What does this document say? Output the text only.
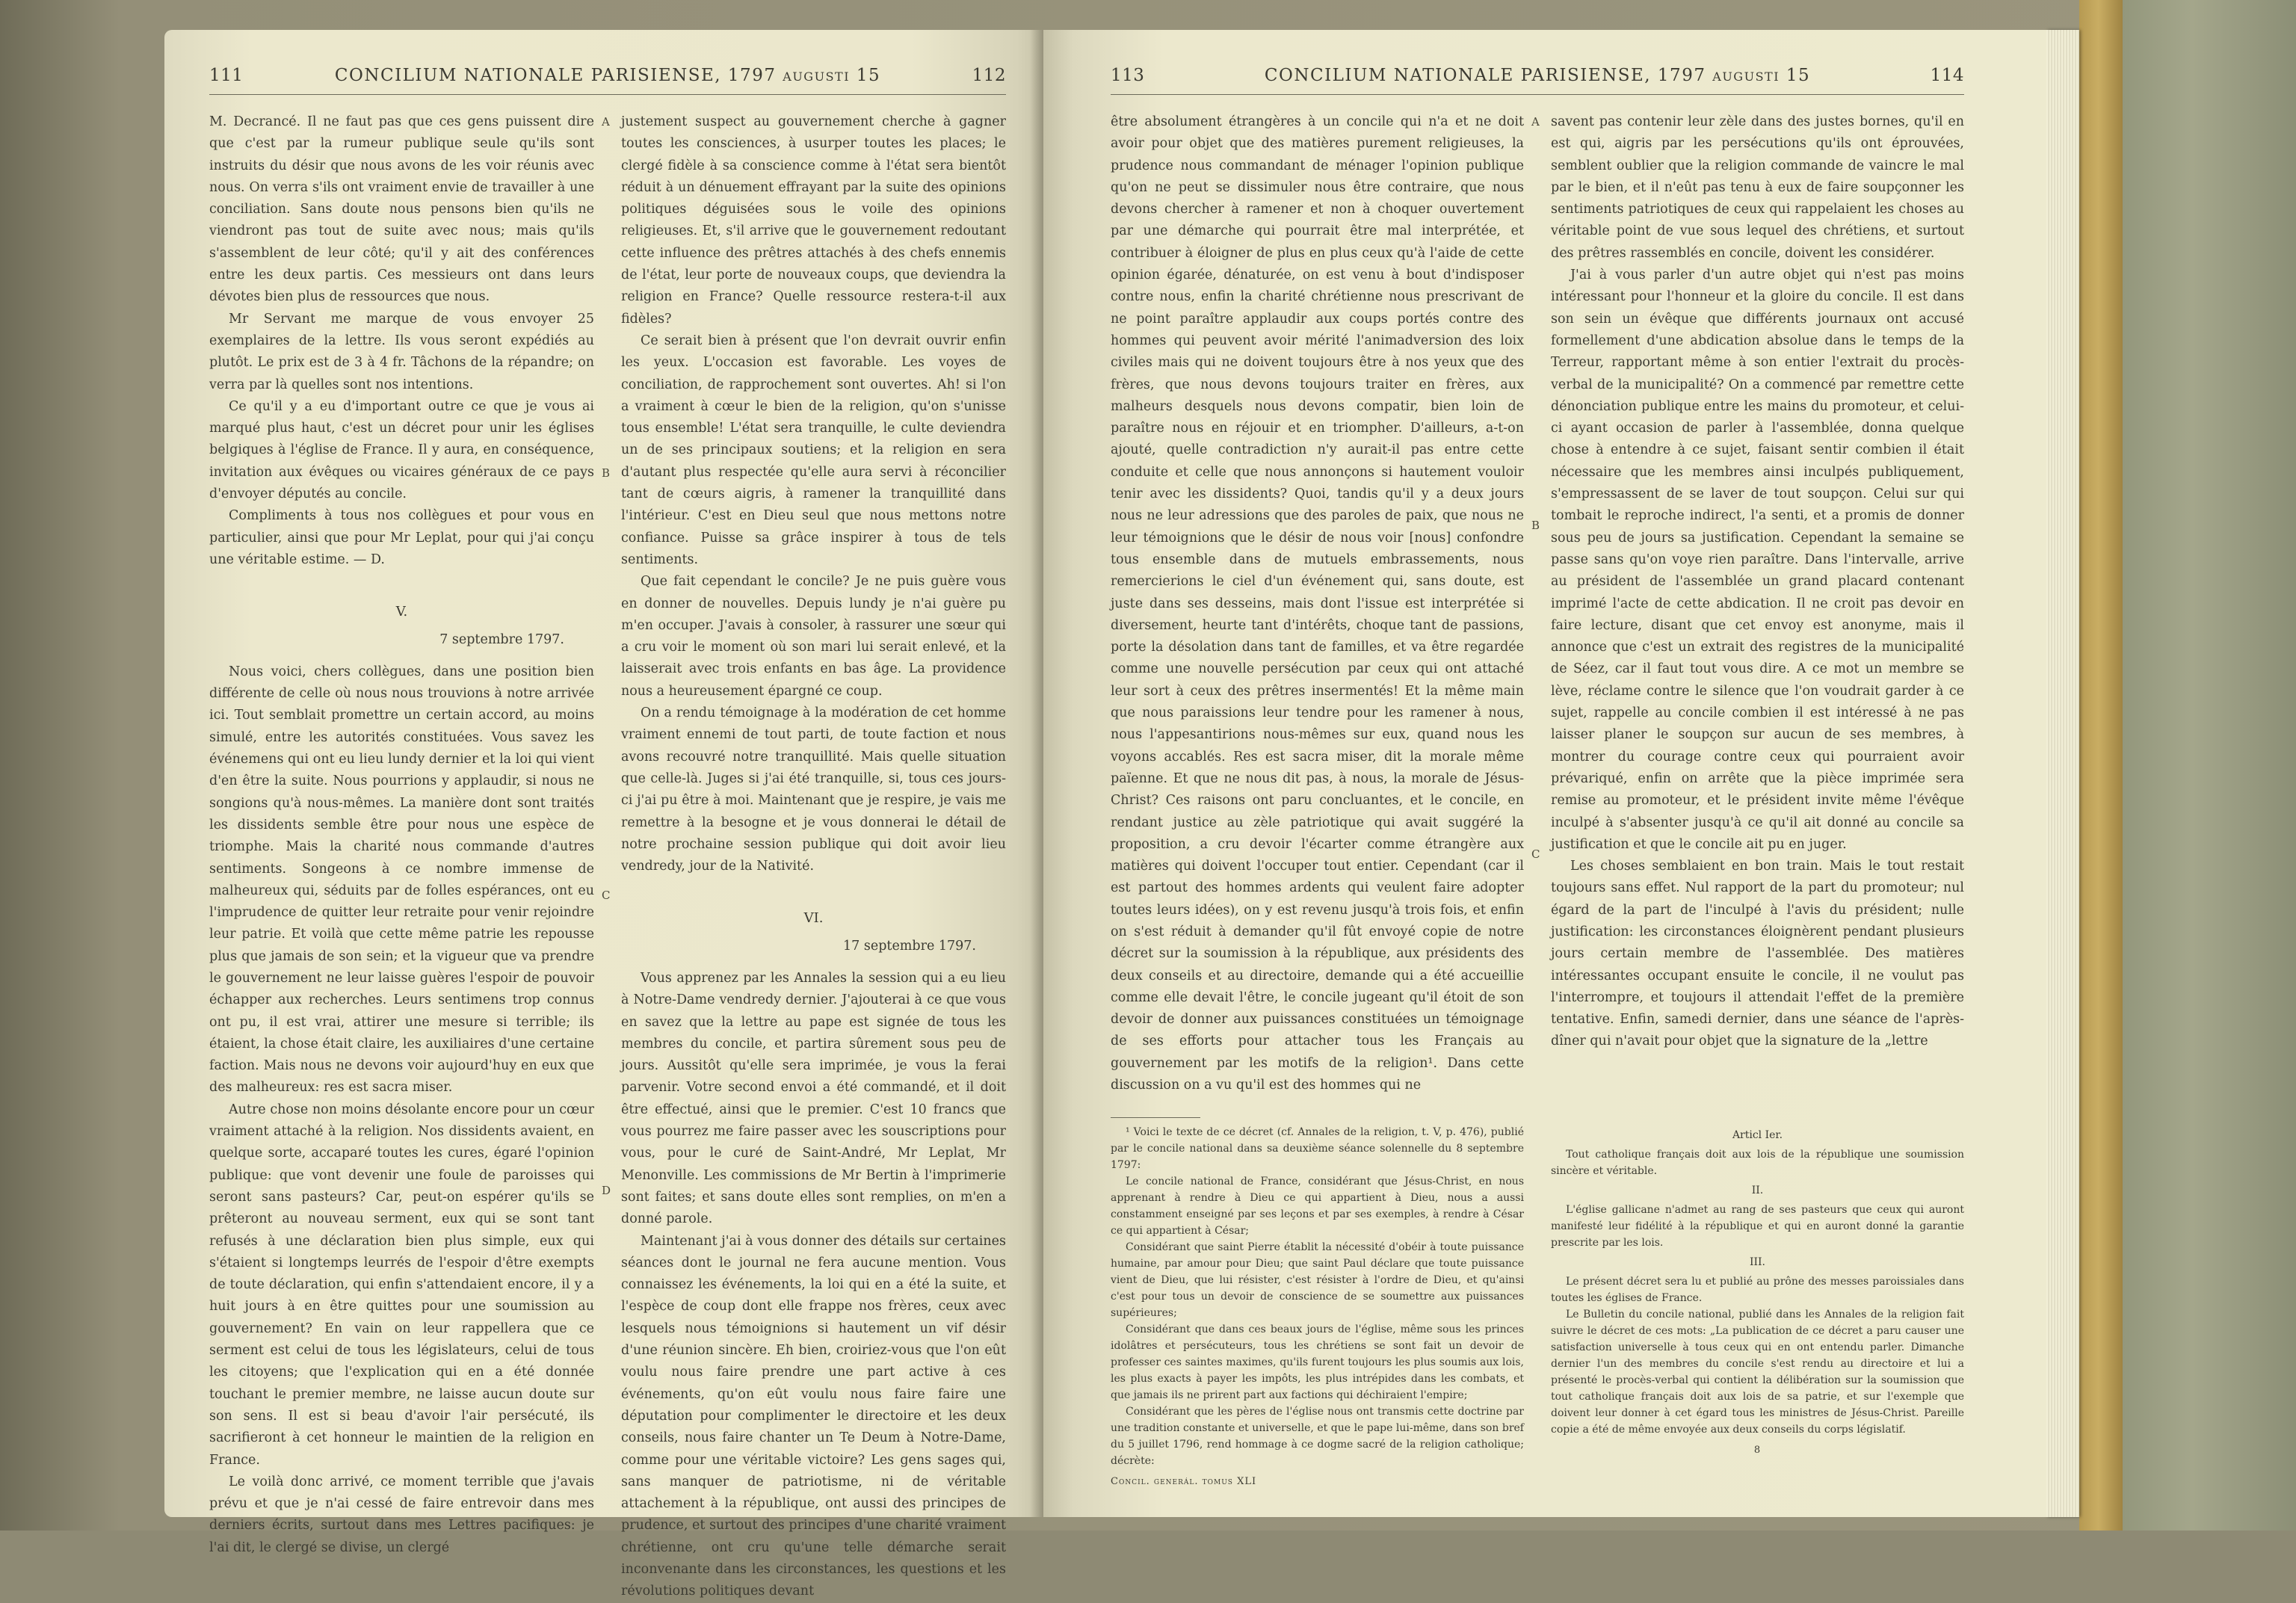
111	CONCILIUM NATIONALE PARISIENSE, 1797 augusti 15	112

M. Decrancé. Il ne faut pas que ces gens puissent dire que c'est par la rumeur publique seule qu'ils sont instruits du désir que nous avons de les voir réunis avec nous. On verra s'ils ont vraiment envie de travailler à une conciliation. Sans doute nous pensons bien qu'ils ne viendront pas tout de suite avec nous; mais qu'ils s'assemblent de leur côté; qu'il y ait des conférences entre les deux partis. Ces messieurs ont dans leurs dévotes bien plus de ressources que nous.

Mr Servant me marque de vous envoyer 25 exemplaires de la lettre. Ils vous seront expédiés au plutôt. Le prix est de 3 à 4 fr. Tâchons de la répandre; on verra par là quelles sont nos intentions.

Ce qu'il y a eu d'important outre ce que je vous ai marqué plus haut, c'est un décret pour unir les églises belgiques à l'église de France. Il y aura, en conséquence, invitation aux évêques ou vicaires généraux de ce pays d'envoyer députés au concile.

Compliments à tous nos collègues et pour vous en particulier, ainsi que pour Mr Leplat, pour qui j'ai conçu une véritable estime. — D.

V.
7 septembre 1797.

Nous voici, chers collègues, dans une position bien différente de celle où nous nous trouvions à notre arrivée ici. Tout semblait promettre un certain accord, au moins simulé, entre les autorités constituées. Vous savez les événemens qui ont eu lieu lundy dernier et la loi qui vient d'en être la suite. Nous pourrions y applaudir, si nous ne songions qu'à nous-mêmes. La manière dont sont traités les dissidents semble être pour nous une espèce de triomphe. Mais la charité nous commande d'autres sentiments. Songeons à ce nombre immense de malheureux qui, séduits par de folles espérances, ont eu l'imprudence de quitter leur retraite pour venir rejoindre leur patrie. Et voilà que cette même patrie les repousse plus que jamais de son sein; et la vigueur que va prendre le gouvernement ne leur laisse guères l'espoir de pouvoir échapper aux recherches. Leurs sentimens trop connus ont pu, il est vrai, attirer une mesure si terrible; ils étaient, la chose était claire, les auxiliaires d'une certaine faction. Mais nous ne devons voir aujourd'huy en eux que des malheureux: res est sacra miser.

Autre chose non moins désolante encore pour un cœur vraiment attaché à la religion. Nos dissidents avaient, en quelque sorte, accaparé toutes les cures, égaré l'opinion publique: que vont devenir une foule de paroisses qui seront sans pasteurs? Car, peut-on espérer qu'ils se prêteront au nouveau serment, eux qui se sont tant refusés à une déclaration bien plus simple, eux qui s'étaient si longtemps leurrés de l'espoir d'être exempts de toute déclaration, qui enfin s'attendaient encore, il y a huit jours à en être quittes pour une soumission au gouvernement? En vain on leur rappellera que ce serment est celui de tous les législateurs, celui de tous les citoyens; que l'explication qui en a été donnée touchant le premier membre, ne laisse aucun doute sur son sens. Il est si beau d'avoir l'air persécuté, ils sacrifieront à cet honneur le maintien de la religion en France.

Le voilà donc arrivé, ce moment terrible que j'avais prévu et que je n'ai cessé de faire entrevoir dans mes derniers écrits, surtout dans mes Lettres pacifiques: je l'ai dit, le clergé se divise, un clergé

A
B
C
D

justement suspect au gouvernement cherche à gagner toutes les consciences, à usurper toutes les places; le clergé fidèle à sa conscience comme à l'état sera bientôt réduit à un dénuement effrayant par la suite des opinions politiques déguisées sous le voile des opinions religieuses. Et, s'il arrive que le gouvernement redoutant cette influence des prêtres attachés à des chefs ennemis de l'état, leur porte de nouveaux coups, que deviendra la religion en France? Quelle ressource restera-t-il aux fidèles?

Ce serait bien à présent que l'on devrait ouvrir enfin les yeux. L'occasion est favorable. Les voyes de conciliation, de rapprochement sont ouvertes. Ah! si l'on a vraiment à cœur le bien de la religion, qu'on s'unisse tous ensemble! L'état sera tranquille, le culte deviendra un de ses principaux soutiens; et la religion en sera d'autant plus respectée qu'elle aura servi à réconcilier tant de cœurs aigris, à ramener la tranquillité dans l'intérieur. C'est en Dieu seul que nous mettons notre confiance. Puisse sa grâce inspirer à tous de tels sentiments.

Que fait cependant le concile? Je ne puis guère vous en donner de nouvelles. Depuis lundy je n'ai guère pu m'en occuper. J'avais à consoler, à rassurer une sœur qui a cru voir le moment où son mari lui serait enlevé, et la laisserait avec trois enfants en bas âge. La providence nous a heureusement épargné ce coup.

On a rendu témoignage à la modération de cet homme vraiment ennemi de tout parti, de toute faction et nous avons recouvré notre tranquillité. Mais quelle situation que celle-là. Juges si j'ai été tranquille, si, tous ces jours-ci j'ai pu être à moi. Maintenant que je respire, je vais me remettre à la besogne et je vous donnerai le détail de notre prochaine session publique qui doit avoir lieu vendredy, jour de la Nativité.

VI.
17 septembre 1797.

Vous apprenez par les Annales la session qui a eu lieu à Notre-Dame vendredy dernier. J'ajouterai à ce que vous en savez que la lettre au pape est signée de tous les membres du concile, et partira sûrement sous peu de jours. Aussitôt qu'elle sera imprimée, je vous la ferai parvenir. Votre second envoi a été commandé, et il doit être effectué, ainsi que le premier. C'est 10 francs que vous pourrez me faire passer avec les souscriptions pour vous, pour le curé de Saint-André, Mr Leplat, Mr Menonville. Les commissions de Mr Bertin à l'imprimerie sont faites; et sans doute elles sont remplies, on m'en a donné parole.

Maintenant j'ai à vous donner des détails sur certaines séances dont le journal ne fera aucune mention. Vous connaissez les événements, la loi qui en a été la suite, et l'espèce de coup dont elle frappe nos frères, ceux avec lesquels nous témoignions si hautement un vif désir d'une réunion sincère. Eh bien, croiriez-vous que l'on eût voulu nous faire prendre une part active à ces événements, qu'on eût voulu nous faire faire une députation pour complimenter le directoire et les deux conseils, nous faire chanter un Te Deum à Notre-Dame, comme pour une véritable victoire? Les gens sages qui, sans manquer de patriotisme, ni de véritable attachement à la république, ont aussi des principes de prudence, et surtout des principes d'une charité vraiment chrétienne, ont cru qu'une telle démarche serait inconvenante dans les circonstances, les questions et les révolutions politiques devant

113	CONCILIUM NATIONALE PARISIENSE, 1797 augusti 15	114

être absolument étrangères à un concile qui n'a et ne doit avoir pour objet que des matières purement religieuses, la prudence nous commandant de ménager l'opinion publique qu'on ne peut se dissimuler nous être contraire, que nous devons chercher à ramener et non à choquer ouvertement par une démarche qui pourrait être mal interprétée, et contribuer à éloigner de plus en plus ceux qu'à l'aide de cette opinion égarée, dénaturée, on est venu à bout d'indisposer contre nous, enfin la charité chrétienne nous prescrivant de ne point paraître applaudir aux coups portés contre des hommes qui peuvent avoir mérité l'animadversion des loix civiles mais qui ne doivent toujours être à nos yeux que des frères, que nous devons toujours traiter en frères, aux malheurs desquels nous devons compatir, bien loin de paraître nous en réjouir et en triompher. D'ailleurs, a-t-on ajouté, quelle contradiction n'y aurait-il pas entre cette conduite et celle que nous annonçons si hautement vouloir tenir avec les dissidents? Quoi, tandis qu'il y a deux jours nous ne leur adressions que des paroles de paix, que nous ne leur témoignions que le désir de nous voir [nous] confondre tous ensemble dans de mutuels embrassements, nous remercierions le ciel d'un événement qui, sans doute, est juste dans ses desseins, mais dont l'issue est interprétée si diversement, heurte tant d'intérêts, choque tant de passions, porte la désolation dans tant de familles, et va être regardée comme une nouvelle persécution par ceux qui ont attaché leur sort à ceux des prêtres insermentés! Et la même main que nous paraissions leur tendre pour les ramener à nous, nous l'appesantirions nous-mêmes sur eux, quand nous les voyons accablés. Res est sacra miser, dit la morale même païenne. Et que ne nous dit pas, à nous, la morale de Jésus-Christ? Ces raisons ont paru concluantes, et le concile, en rendant justice au zèle patriotique qui avait suggéré la proposition, a cru devoir l'écarter comme étrangère aux matières qui doivent l'occuper tout entier. Cependant (car il est partout des hommes ardents qui veulent faire adopter toutes leurs idées), on y est revenu jusqu'à trois fois, et enfin on s'est réduit à demander qu'il fût envoyé copie de notre décret sur la soumission à la république, aux présidents des deux conseils et au directoire, demande qui a été accueillie comme elle devait l'être, le concile jugeant qu'il étoit de son devoir de donner aux puissances constituées un témoignage de ses efforts pour attacher tous les Français au gouvernement par les motifs de la religion¹. Dans cette discussion on a vu qu'il est des hommes qui ne

A
B
C

savent pas contenir leur zèle dans des justes bornes, qu'il en est qui, aigris par les persécutions qu'ils ont éprouvées, semblent oublier que la religion commande de vaincre le mal par le bien, et il n'eût pas tenu à eux de faire soupçonner les sentiments patriotiques de ceux qui rappelaient les choses au véritable point de vue sous lequel des chrétiens, et surtout des prêtres rassemblés en concile, doivent les considérer.

J'ai à vous parler d'un autre objet qui n'est pas moins intéressant pour l'honneur et la gloire du concile. Il est dans son sein un évêque que différents journaux ont accusé formellement d'une abdication absolue dans le temps de la Terreur, rapportant même à son entier l'extrait du procès-verbal de la municipalité? On a commencé par remettre cette dénonciation publique entre les mains du promoteur, et celui-ci ayant occasion de parler à l'assemblée, donna quelque chose à entendre à ce sujet, faisant sentir combien il était nécessaire que les membres ainsi inculpés publiquement, s'empressassent de se laver de tout soupçon. Celui sur qui tombait le reproche indirect, l'a senti, et a promis de donner sous peu de jours sa justification. Cependant la semaine se passe sans qu'on voye rien paraître. Dans l'intervalle, arrive au président de l'assemblée un grand placard contenant imprimé l'acte de cette abdication. Il ne croit pas devoir en faire lecture, disant que cet envoy est anonyme, mais il annonce que c'est un extrait des registres de la municipalité de Séez, car il faut tout vous dire. A ce mot un membre se lève, réclame contre le silence que l'on voudrait garder à ce sujet, rappelle au concile combien il est intéressé à ne pas laisser planer le soupçon sur aucun de ses membres, à montrer du courage contre ceux qui pourraient avoir prévariqué, enfin on arrête que la pièce imprimée sera remise au promoteur, et le président invite même l'évêque inculpé à s'absenter jusqu'à ce qu'il ait donné au concile sa justification et que le concile ait pu en juger.

Les choses semblaient en bon train. Mais le tout restait toujours sans effet. Nul rapport de la part du promoteur; nul égard de la part de l'inculpé à l'avis du président; nulle justification: les circonstances éloignèrent pendant plusieurs jours certain membre de l'assemblée. Des matières intéressantes occupant ensuite le concile, il ne voulut pas l'interrompre, et toujours il attendait l'effet de la première tentative. Enfin, samedi dernier, dans une séance de l'après-dîner qui n'avait pour objet que la signature de la „lettre

¹ Voici le texte de ce décret (cf. Annales de la religion, t. V, p. 476), publié par le concile national dans sa deuxième séance solennelle du 8 septembre 1797:

Le concile national de France, considérant que Jésus-Christ, en nous apprenant à rendre à Dieu ce qui appartient à Dieu, nous a aussi constamment enseigné par ses leçons et par ses exemples, à rendre à César ce qui appartient à César;

Considérant que saint Pierre établit la nécessité d'obéir à toute puissance humaine, par amour pour Dieu; que saint Paul déclare que toute puissance vient de Dieu, que lui résister, c'est résister à l'ordre de Dieu, et qu'ainsi c'est pour tous un devoir de conscience de se soumettre aux puissances supérieures;

Considérant que dans ces beaux jours de l'église, même sous les princes idolâtres et persécuteurs, tous les chrétiens se sont fait un devoir de professer ces saintes maximes, qu'ils furent toujours les plus soumis aux lois, les plus exacts à payer les impôts, les plus intrépides dans les combats, et que jamais ils ne prirent part aux factions qui déchiraient l'empire;

Considérant que les pères de l'église nous ont transmis cette doctrine par une tradition constante et universelle, et que le pape lui-même, dans son bref du 5 juillet 1796, rend hommage à ce dogme sacré de la religion catholique; décrète:

Concil. generál. tomus XLI

Articl Ier.

Tout catholique français doit aux lois de la république une soumission sincère et véritable.

II.

L'église gallicane n'admet au rang de ses pasteurs que ceux qui auront manifesté leur fidélité à la république et qui en auront donné la garantie prescrite par les lois.

III.

Le présent décret sera lu et publié au prône des messes paroissiales dans toutes les églises de France.

Le Bulletin du concile national, publié dans les Annales de la religion fait suivre le décret de ces mots: „La publication de ce décret a paru causer une satisfaction universelle à tous ceux qui en ont entendu parler. Dimanche dernier l'un des membres du concile s'est rendu au directoire et lui a présenté le procès-verbal qui contient la délibération sur la soumission que tout catholique français doit aux lois de sa patrie, et sur l'exemple que doivent leur donner à cet égard tous les ministres de Jésus-Christ. Pareille copie a été de même envoyée aux deux conseils du corps législatif.

8
